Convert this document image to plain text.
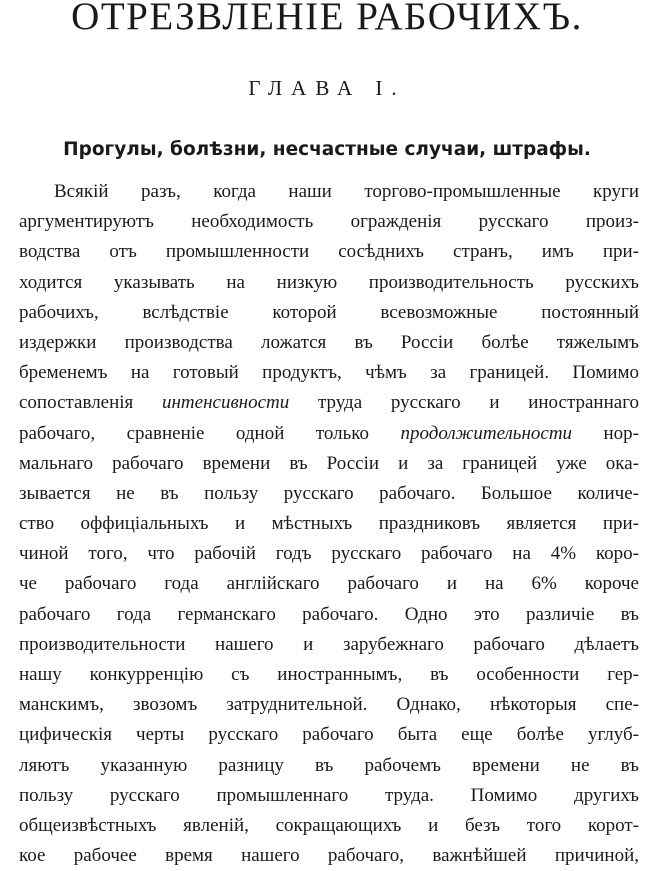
ОТРЕЗВЛЕНІЕ РАБОЧИХЪ.
ГЛАВА I.
Прогулы, болѣзни, несчастные случаи, штрафы.
Всякій разъ, когда наши торгово-промышленные круги
аргументируютъ необходимость огражденія русскаго произ-
водства отъ промышленности сосѣднихъ странъ, имъ при-
ходится указывать на низкую производительность русскихъ
рабочихъ, вслѣдствіе которой всевозможные постоянный
издержки производства ложатся въ Россіи болѣе тяжелымъ
бременемъ на готовый продуктъ, чѣмъ за границей. Помимо
сопоставленія интенсивности труда русскаго и иностраннаго
рабочаго, сравненіе одной только продолжительности нор-
мальнаго рабочаго времени въ Россіи и за границей уже ока-
зывается не въ пользу русскаго рабочаго. Большое количе-
ство оффиціальныхъ и мѣстныхъ праздниковъ является при-
чиной того, что рабочій годъ русскаго рабочаго на 4% коро-
че рабочаго года англійскаго рабочаго и на 6% короче
рабочаго года германскаго рабочаго. Одно это различіе въ
производительности нашего и зарубежнаго рабочаго дѣлаетъ
нашу конкурренцію съ иностраннымъ, въ особенности гер-
манскимъ, звозомъ затруднительной. Однако, нѣкоторыя спе-
цифическія черты русскаго рабочаго быта еще болѣе углуб-
ляютъ указанную разницу въ рабочемъ времени не въ
пользу русскаго промышленнаго труда. Помимо другихъ
общеизвѣстныхъ явленій, сокращающихъ и безъ того корот-
кое рабочее время нашего рабочаго, важнѣйшей причиной,
